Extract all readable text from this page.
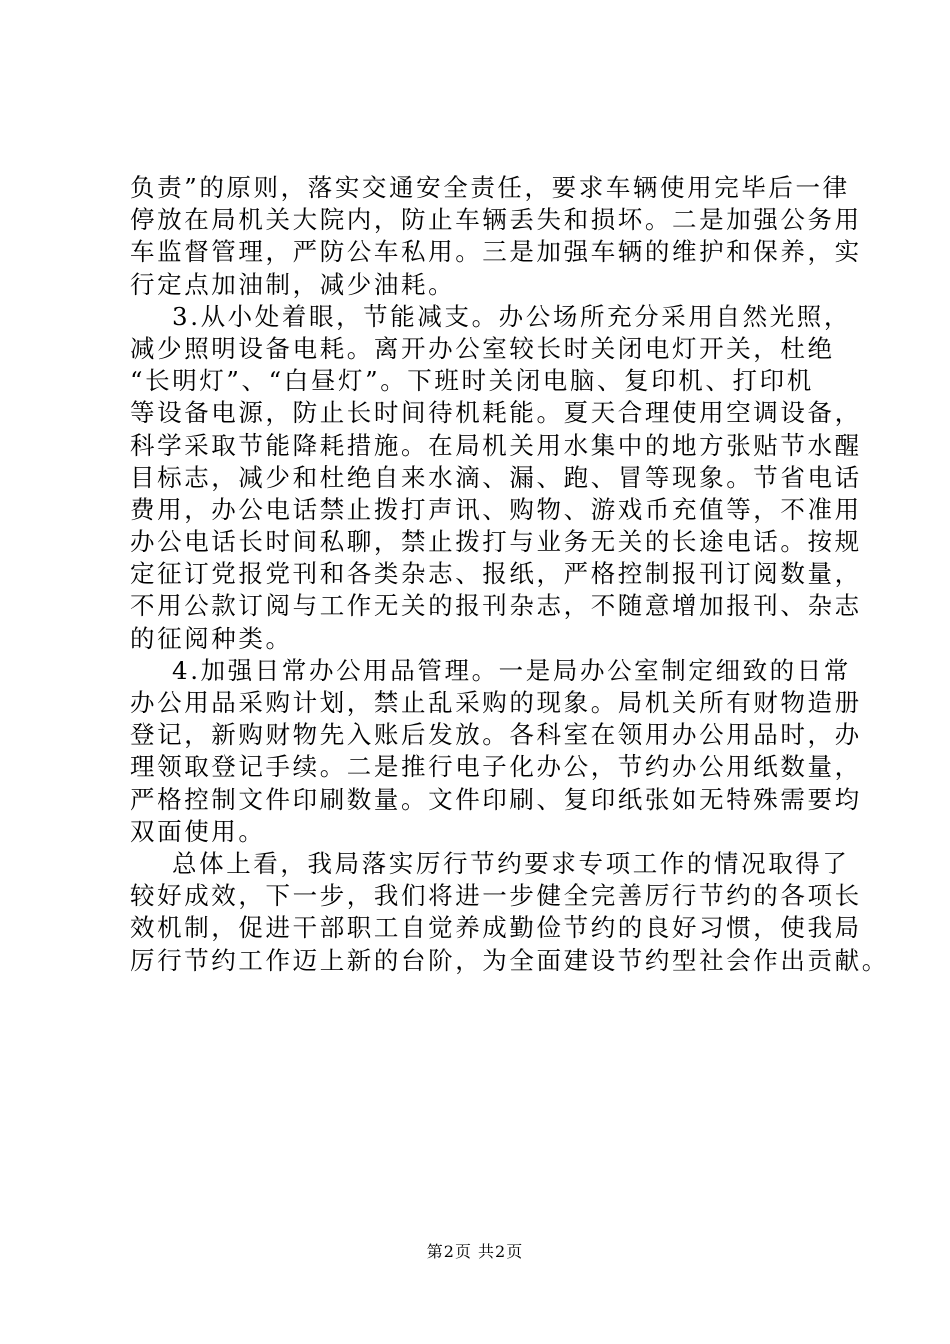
负责”的原则，落实交通安全责任，要求车辆使用完毕后一律
停放在局机关大院内，防止车辆丢失和损坏。二是加强公务用
车监督管理，严防公车私用。三是加强车辆的维护和保养，实
行定点加油制，减少油耗。
3.从小处着眼，节能减支。办公场所充分采用自然光照，
减少照明设备电耗。离开办公室较长时关闭电灯开关，杜绝
“长明灯”、“白昼灯”。下班时关闭电脑、复印机、打印机
等设备电源，防止长时间待机耗能。夏天合理使用空调设备，
科学采取节能降耗措施。在局机关用水集中的地方张贴节水醒
目标志，减少和杜绝自来水滴、漏、跑、冒等现象。节省电话
费用，办公电话禁止拨打声讯、购物、游戏币充值等，不准用
办公电话长时间私聊，禁止拨打与业务无关的长途电话。按规
定征订党报党刊和各类杂志、报纸，严格控制报刊订阅数量，
不用公款订阅与工作无关的报刊杂志，不随意增加报刊、杂志
的征阅种类。
4.加强日常办公用品管理。一是局办公室制定细致的日常
办公用品采购计划，禁止乱采购的现象。局机关所有财物造册
登记，新购财物先入账后发放。各科室在领用办公用品时，办
理领取登记手续。二是推行电子化办公，节约办公用纸数量，
严格控制文件印刷数量。文件印刷、复印纸张如无特殊需要均
双面使用。
总体上看，我局落实厉行节约要求专项工作的情况取得了
较好成效，下一步，我们将进一步健全完善厉行节约的各项长
效机制，促进干部职工自觉养成勤俭节约的良好习惯，使我局
厉行节约工作迈上新的台阶，为全面建设节约型社会作出贡献。
第2页 共2页
